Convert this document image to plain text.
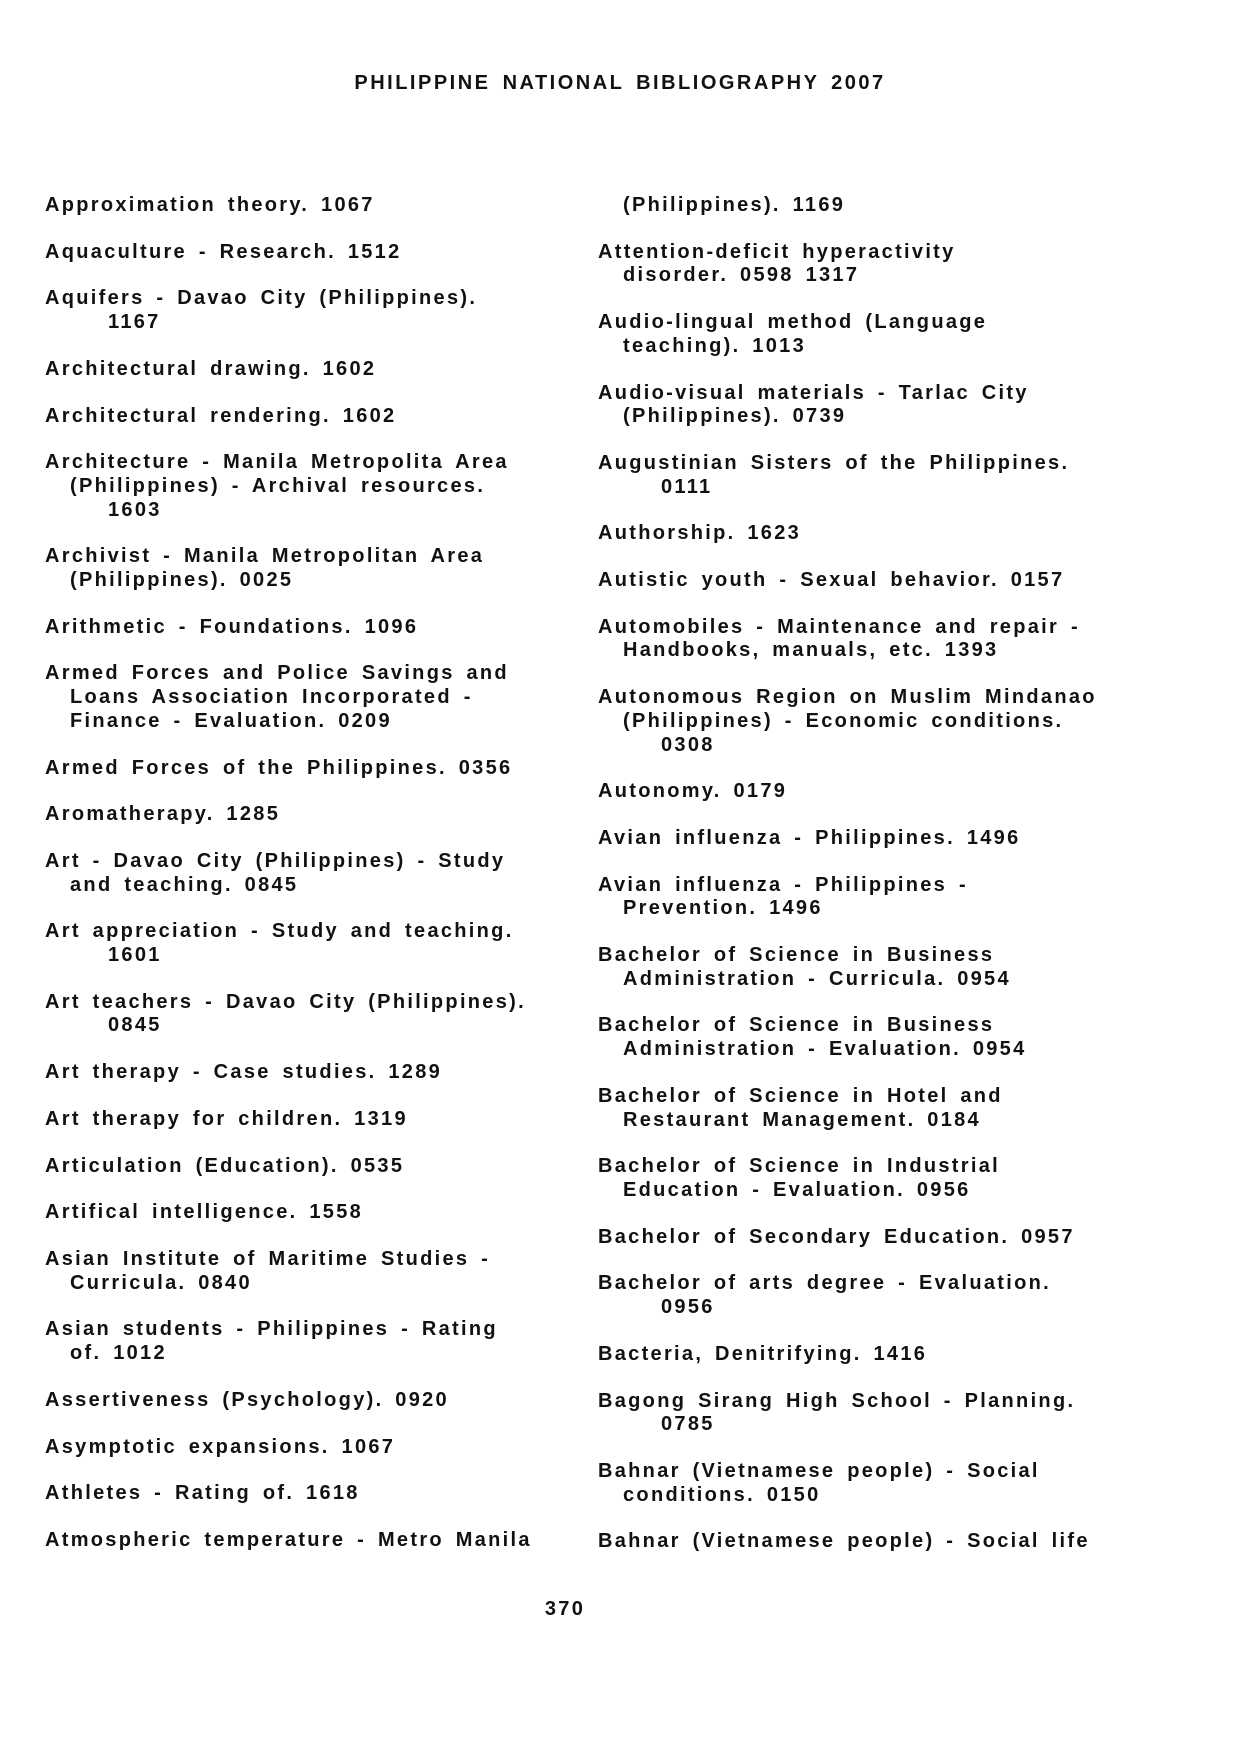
PHILIPPINE NATIONAL BIBLIOGRAPHY 2007
Approximation theory. 1067
Aquaculture - Research. 1512
Aquifers - Davao City (Philippines).
1167
Architectural drawing. 1602
Architectural rendering. 1602
Architecture - Manila Metropolita Area
(Philippines) - Archival resources.
1603
Archivist - Manila Metropolitan Area
(Philippines). 0025
Arithmetic - Foundations. 1096
Armed Forces and Police Savings and
Loans Association Incorporated -
Finance - Evaluation. 0209
Armed Forces of the Philippines. 0356
Aromatherapy. 1285
Art - Davao City (Philippines) - Study
and teaching. 0845
Art appreciation - Study and teaching.
1601
Art teachers - Davao City (Philippines).
0845
Art therapy - Case studies. 1289
Art therapy for children. 1319
Articulation (Education). 0535
Artifical intelligence. 1558
Asian Institute of Maritime Studies -
Curricula. 0840
Asian students - Philippines - Rating
of. 1012
Assertiveness (Psychology). 0920
Asymptotic expansions. 1067
Athletes - Rating of. 1618
Atmospheric temperature - Metro Manila
(Philippines). 1169
Attention-deficit hyperactivity
disorder. 0598 1317
Audio-lingual method (Language
teaching). 1013
Audio-visual materials - Tarlac City
(Philippines). 0739
Augustinian Sisters of the Philippines.
0111
Authorship. 1623
Autistic youth - Sexual behavior. 0157
Automobiles - Maintenance and repair -
Handbooks, manuals, etc. 1393
Autonomous Region on Muslim Mindanao
(Philippines) - Economic conditions.
0308
Autonomy. 0179
Avian influenza - Philippines. 1496
Avian influenza - Philippines -
Prevention. 1496
Bachelor of Science in Business
Administration - Curricula. 0954
Bachelor of Science in Business
Administration - Evaluation. 0954
Bachelor of Science in Hotel and
Restaurant Management. 0184
Bachelor of Science in Industrial
Education - Evaluation. 0956
Bachelor of Secondary Education. 0957
Bachelor of arts degree - Evaluation.
0956
Bacteria, Denitrifying. 1416
Bagong Sirang High School - Planning.
0785
Bahnar (Vietnamese people) - Social
conditions. 0150
Bahnar (Vietnamese people) - Social life

370
